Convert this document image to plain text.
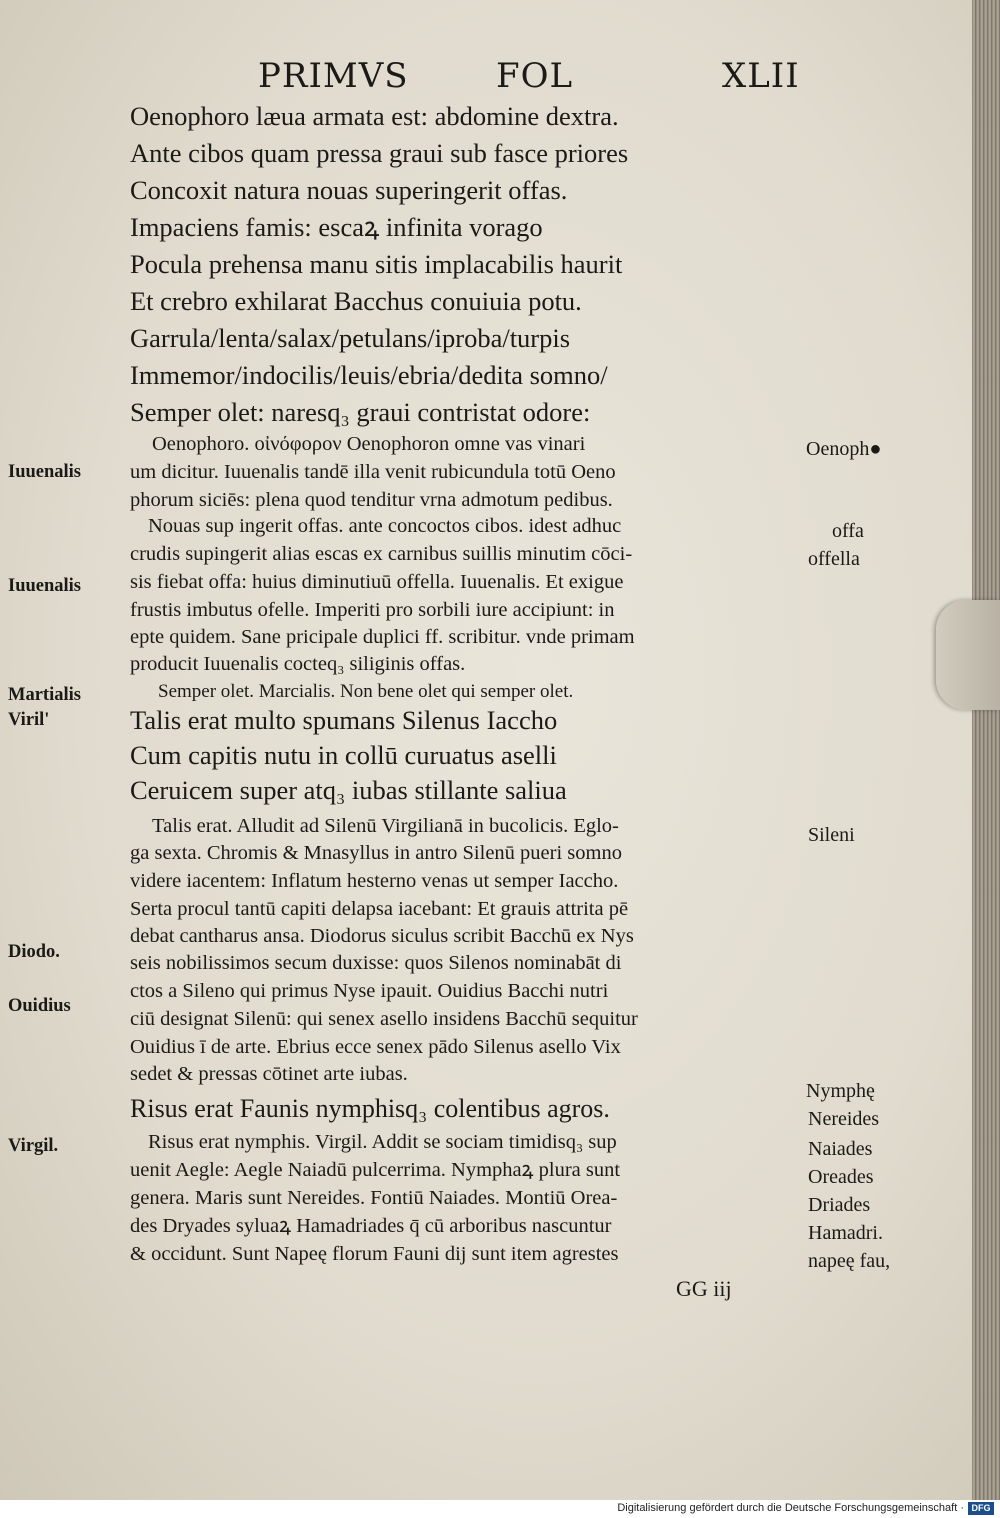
PRIMVS	FOL	XLII
Oenophoro læua armata est: abdomine dextra.
Ante cibos quam pressa graui sub fasce priores
Concoxit natura nouas superingerit offas.
Impaciens famis: escaꝝ infinita vorago
Pocula prehensa manu sitis implacabilis haurit
Et crebro exhilarat Bacchus conuiuia potu.
Garrula/lenta/salax/petulans/iproba/turpis
Immemor/indocilis/leuis/ebria/dedita somno/
Semper olet: naresq₃ graui contristat odore:
Oenophoro. οἰνόφορον Oenophoron omne vas vinari
um dicitur. Iuuenalis tandē illa venit rubicundula totū Oeno
phorum siciēs: plena quod tenditur vrna admotum pedibus.
Nouas sup ingerit offas. ante concoctos cibos. idest adhuc
crudis supingerit alias escas ex carnibus suillis minutim cōci-
sis fiebat offa: huius diminutiuū offella. Iuuenalis. Et exigue
frustis imbutus ofelle. Imperiti pro sorbili iure accipiunt: in
epte quidem. Sane pricipale duplici ff. scribitur. vnde primam
producit Iuuenalis cocteq₃ siliginis offas.
Semper olet. Marcialis. Non bene olet qui semper olet.
Talis erat multo spumans Silenus Iaccho
Cum capitis nutu in collū curuatus aselli
Ceruicem super atq₃ iubas stillante saliua
Talis erat. Alludit ad Silenū Virgilianā in bucolicis. Eglo-
ga sexta. Chromis & Mnasyllus in antro Silenū pueri somno
videre iacentem: Inflatum hesterno venas ut semper Iaccho.
Serta procul tantū capiti delapsa iacebant: Et grauis attrita pē
debat cantharus ansa. Diodorus siculus scribit Bacchū ex Nys
seis nobilissimos secum duxisse: quos Silenos nominabāt di
ctos a Sileno qui primus Nyse ipauit. Ouidius Bacchi nutri
ciū designat Silenū: qui senex asello insidens Bacchū sequitur
Ouidius ī de arte. Ebrius ecce senex pādo Silenus asello Vix
sedet & pressas cōtinet arte iubas.
Risus erat Faunis nymphisq₃ colentibus agros.
Risus erat nymphis. Virgil. Addit se sociam timidisq₃ sup
uenit Aegle: Aegle Naiadū pulcerrima. Nymphaꝝ plura sunt
genera. Maris sunt Nereides. Fontiū Naiades. Montiū Orea-
des Dryades syluaꝝ Hamadriades q̄ cū arboribus nascuntur
& occidunt. Sunt Napeę florum Fauni dij sunt item agrestes
Iuuenalis
Iuuenalis
Martialis
Viril'
Diodo.
Ouidius
Virgil.
Oenoph●
offa
offella
Sileni
Nymphę
Nereides
Naiades
Oreades
Driades
Hamadri.
napeę fau,
GG iij
Digitalisierung gefördert durch die Deutsche Forschungsgemeinschaft · DFG
